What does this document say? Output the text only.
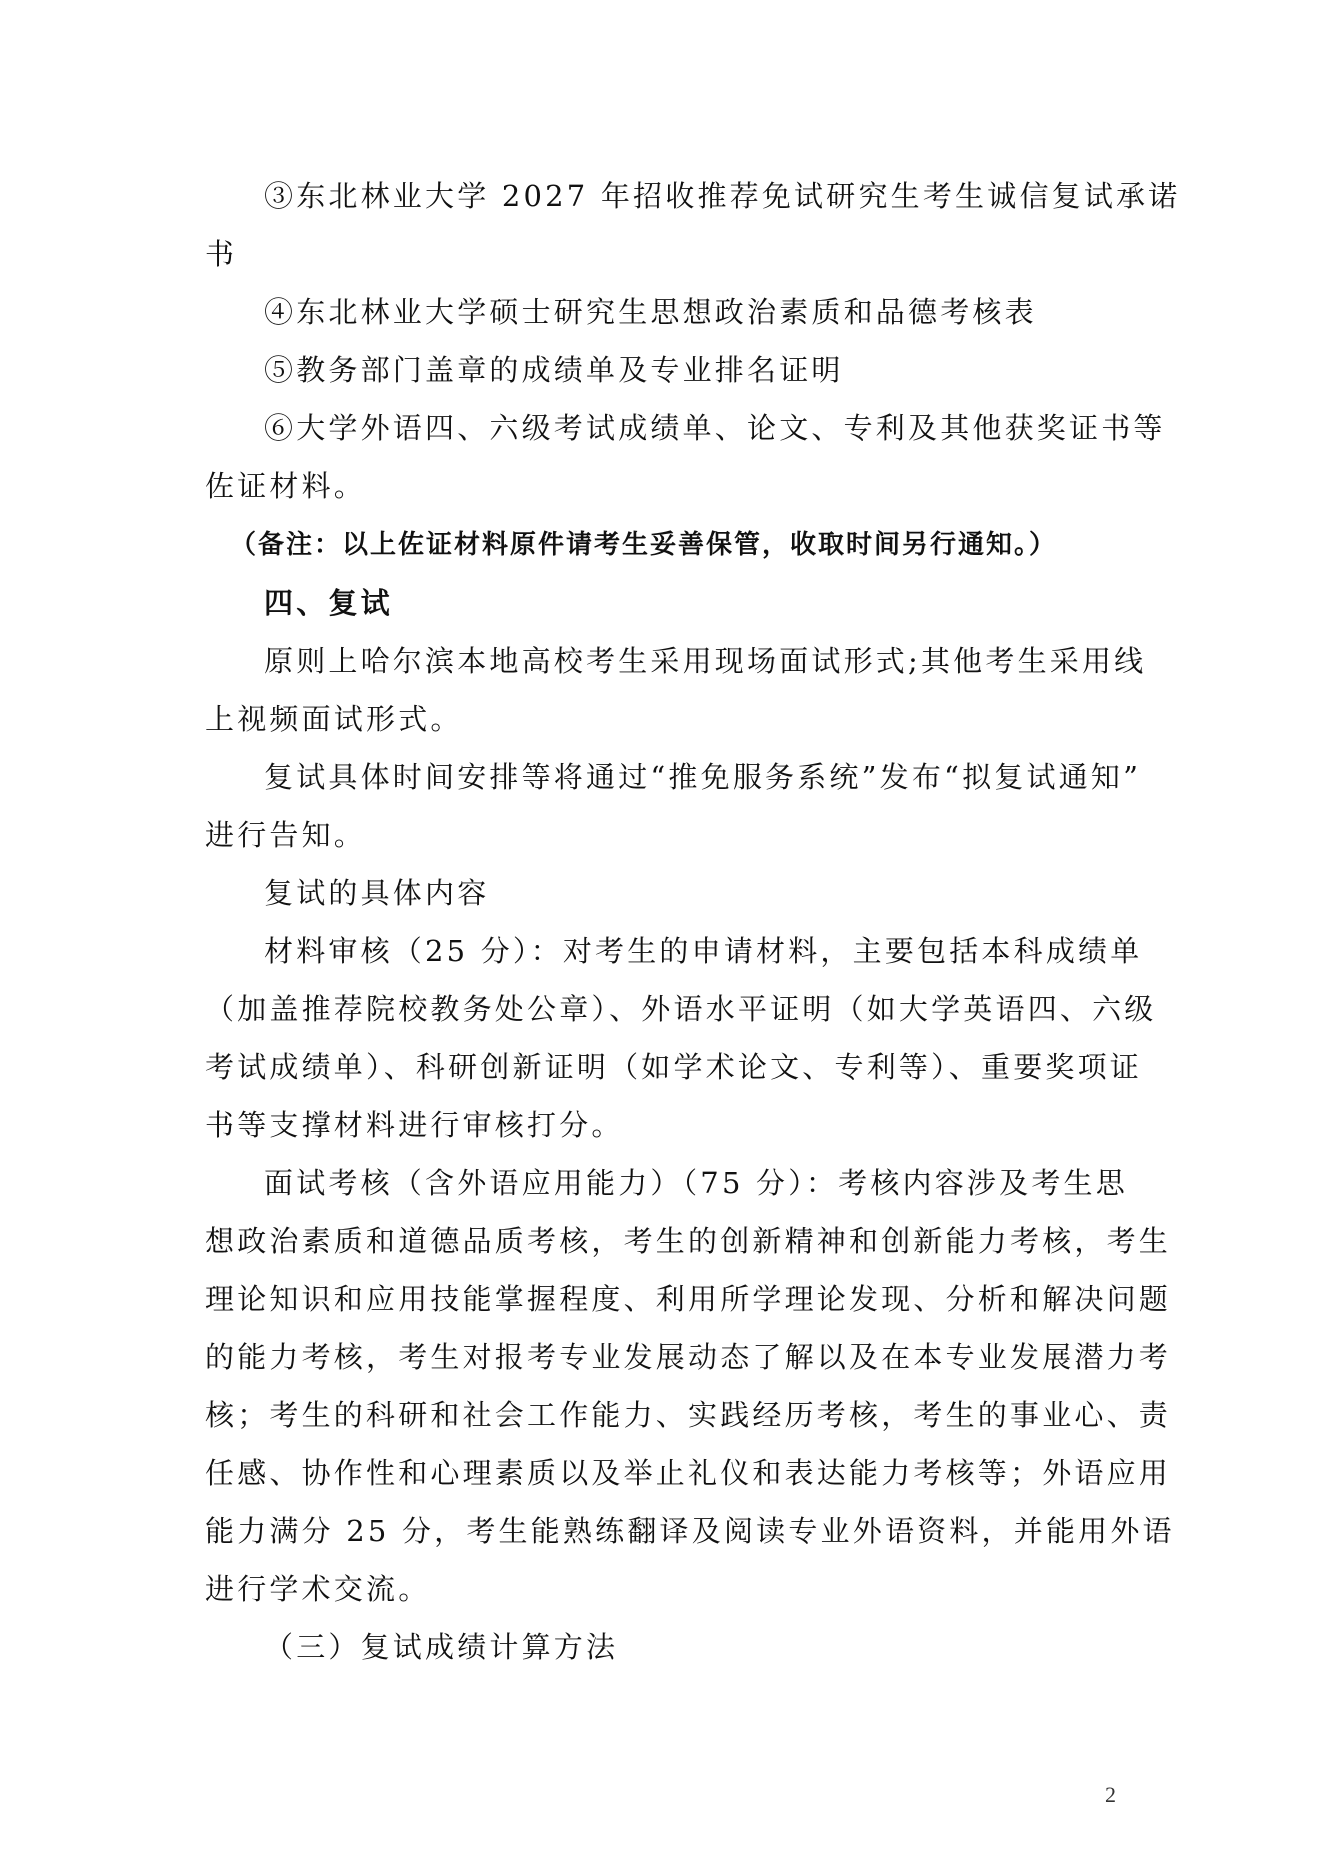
③东北林业大学 2027 年招收推荐免试研究生考生诚信复试承诺
书
④东北林业大学硕士研究生思想政治素质和品德考核表
⑤教务部门盖章的成绩单及专业排名证明
⑥大学外语四、六级考试成绩单、论文、专利及其他获奖证书等
佐证材料。
（备注：以上佐证材料原件请考生妥善保管，收取时间另行通知。）
四、复试
原则上哈尔滨本地高校考生采用现场面试形式;其他考生采用线
上视频面试形式。
复试具体时间安排等将通过“推免服务系统”发布“拟复试通知”
进行告知。
复试的具体内容
材料审核（25 分）：对考生的申请材料，主要包括本科成绩单
（加盖推荐院校教务处公章）、外语水平证明（如大学英语四、六级
考试成绩单）、科研创新证明（如学术论文、专利等）、重要奖项证
书等支撑材料进行审核打分。
面试考核（含外语应用能力）（75 分）：考核内容涉及考生思
想政治素质和道德品质考核，考生的创新精神和创新能力考核，考生
理论知识和应用技能掌握程度、利用所学理论发现、分析和解决问题
的能力考核，考生对报考专业发展动态了解以及在本专业发展潜力考
核；考生的科研和社会工作能力、实践经历考核，考生的事业心、责
任感、协作性和心理素质以及举止礼仪和表达能力考核等；外语应用
能力满分 25 分，考生能熟练翻译及阅读专业外语资料，并能用外语
进行学术交流。
（三）复试成绩计算方法
2
